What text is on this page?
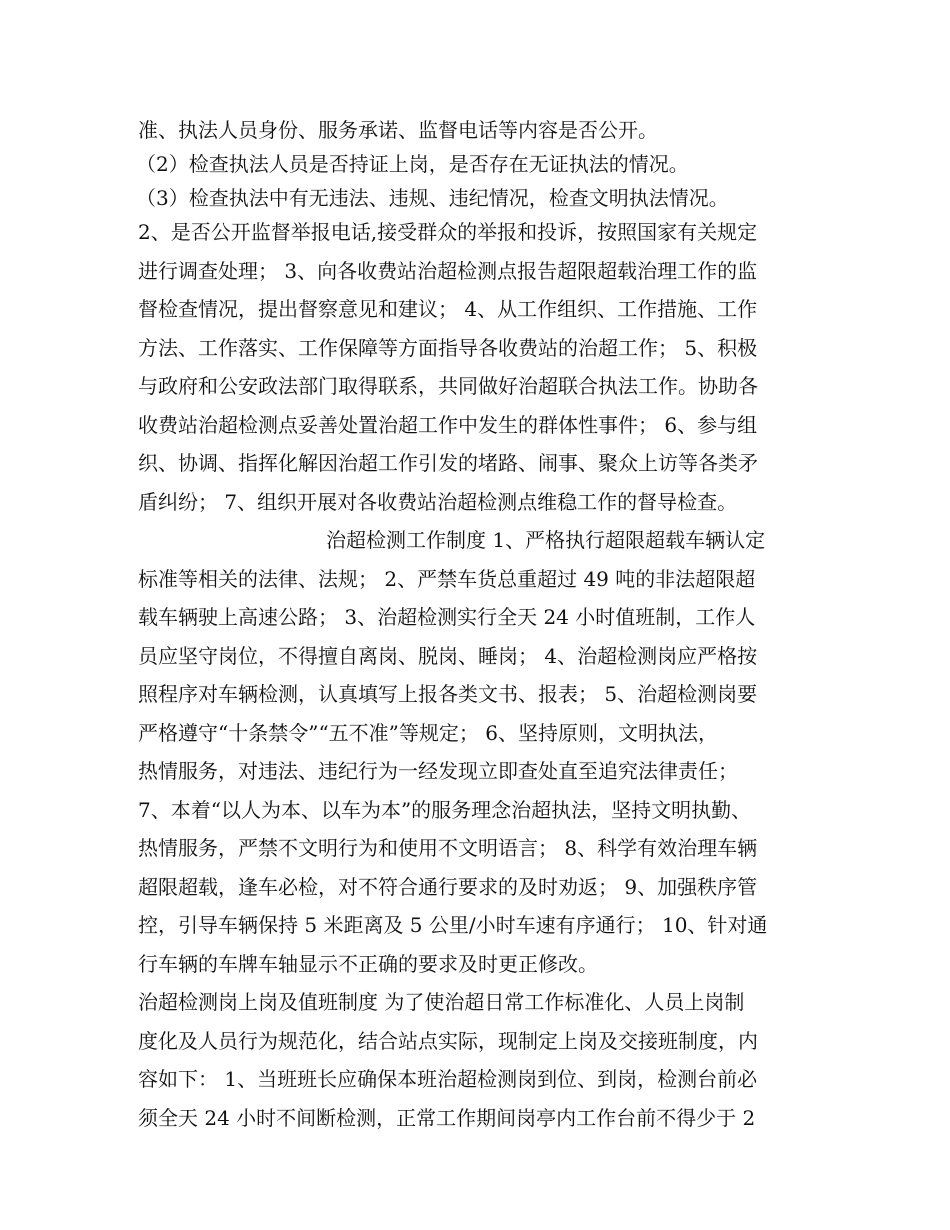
准、执法人员身份、服务承诺、监督电话等内容是否公开。
（2）检查执法人员是否持证上岗，是否存在无证执法的情况。
（3）检查执法中有无违法、违规、违纪情况，检查文明执法情况。
2、是否公开监督举报电话,接受群众的举报和投诉，按照国家有关规定
进行调查处理； 3、向各收费站治超检测点报告超限超载治理工作的监
督检查情况，提出督察意见和建议； 4、从工作组织、工作措施、工作
方法、工作落实、工作保障等方面指导各收费站的治超工作； 5、积极
与政府和公安政法部门取得联系，共同做好治超联合执法工作。协助各
收费站治超检测点妥善处置治超工作中发生的群体性事件； 6、参与组
织、协调、指挥化解因治超工作引发的堵路、闹事、聚众上访等各类矛
盾纠纷； 7、组织开展对各收费站治超检测点维稳工作的督导检查。
治超检测工作制度 1、严格执行超限超载车辆认定
标准等相关的法律、法规； 2、严禁车货总重超过 49 吨的非法超限超
载车辆驶上高速公路； 3、治超检测实行全天 24 小时值班制，工作人
员应坚守岗位，不得擅自离岗、脱岗、睡岗； 4、治超检测岗应严格按
照程序对车辆检测，认真填写上报各类文书、报表； 5、治超检测岗要
严格遵守“十条禁令”“五不准”等规定； 6、坚持原则，文明执法，
热情服务，对违法、违纪行为一经发现立即查处直至追究法律责任；
7、本着“以人为本、以车为本”的服务理念治超执法，坚持文明执勤、
热情服务，严禁不文明行为和使用不文明语言； 8、科学有效治理车辆
超限超载，逢车必检，对不符合通行要求的及时劝返； 9、加强秩序管
控，引导车辆保持 5 米距离及 5 公里/小时车速有序通行； 10、针对通
行车辆的车牌车轴显示不正确的要求及时更正修改。
治超检测岗上岗及值班制度 为了使治超日常工作标准化、人员上岗制
度化及人员行为规范化，结合站点实际，现制定上岗及交接班制度，内
容如下： 1、当班班长应确保本班治超检测岗到位、到岗，检测台前必
须全天 24 小时不间断检测，正常工作期间岗亭内工作台前不得少于 2
